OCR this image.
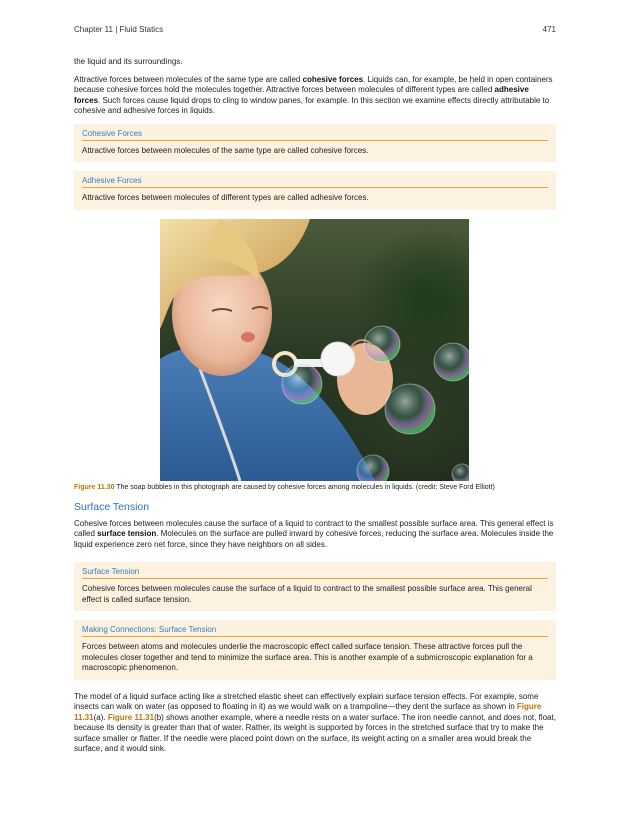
Chapter 11 | Fluid Statics	471

the liquid and its surroundings.

Attractive forces between molecules of the same type are called cohesive forces. Liquids can, for example, be held in open containers because cohesive forces hold the molecules together. Attractive forces between molecules of different types are called adhesive forces. Such forces cause liquid drops to cling to window panes, for example. In this section we examine effects directly attributable to cohesive and adhesive forces in liquids.

Cohesive Forces

Attractive forces between molecules of the same type are called cohesive forces.

Adhesive Forces

Attractive forces between molecules of different types are called adhesive forces.

Figure 11.30 The soap bubbles in this photograph are caused by cohesive forces among molecules in liquids. (credit: Steve Ford Elliott)
Surface Tension

Cohesive forces between molecules cause the surface of a liquid to contract to the smallest possible surface area. This general effect is called surface tension. Molecules on the surface are pulled inward by cohesive forces, reducing the surface area. Molecules inside the liquid experience zero net force, since they have neighbors on all sides.

Surface Tension

Cohesive forces between molecules cause the surface of a liquid to contract to the smallest possible surface area. This general effect is called surface tension.

Making Connections: Surface Tension

Forces between atoms and molecules underlie the macroscopic effect called surface tension. These attractive forces pull the molecules closer together and tend to minimize the surface area. This is another example of a submicroscopic explanation for a macroscopic phenomenon.

The model of a liquid surface acting like a stretched elastic sheet can effectively explain surface tension effects. For example, some insects can walk on water (as opposed to floating in it) as we would walk on a trampoline—they dent the surface as shown in Figure 11.31(a). Figure 11.31(b) shows another example, where a needle rests on a water surface. The iron needle cannot, and does not, float, because its density is greater than that of water. Rather, its weight is supported by forces in the stretched surface that try to make the surface smaller or flatter. If the needle were placed point down on the surface, its weight acting on a smaller area would break the surface, and it would sink.
